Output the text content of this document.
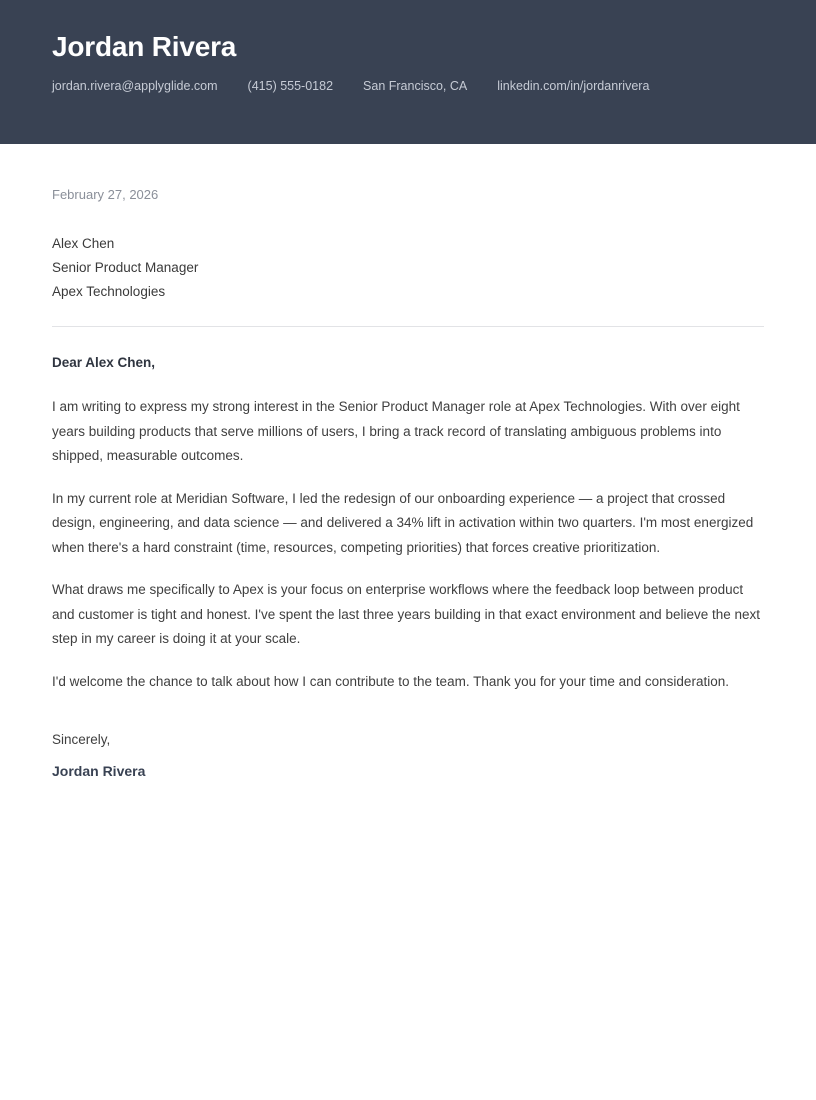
Jordan Rivera
jordan.rivera@applyglide.com (415) 555-0182 San Francisco, CA linkedin.com/in/jordanrivera
February 27, 2026
Alex Chen
Senior Product Manager
Apex Technologies

Dear Alex Chen,

I am writing to express my strong interest in the Senior Product Manager role at Apex Technologies. With over eight years building products that serve millions of users, I bring a track record of translating ambiguous problems into shipped, measurable outcomes.

In my current role at Meridian Software, I led the redesign of our onboarding experience — a project that crossed design, engineering, and data science — and delivered a 34% lift in activation within two quarters. I'm most energized when there's a hard constraint (time, resources, competing priorities) that forces creative prioritization.

What draws me specifically to Apex is your focus on enterprise workflows where the feedback loop between product and customer is tight and honest. I've spent the last three years building in that exact environment and believe the next step in my career is doing it at your scale.

I'd welcome the chance to talk about how I can contribute to the team. Thank you for your time and consideration.

Sincerely,

Jordan Rivera
